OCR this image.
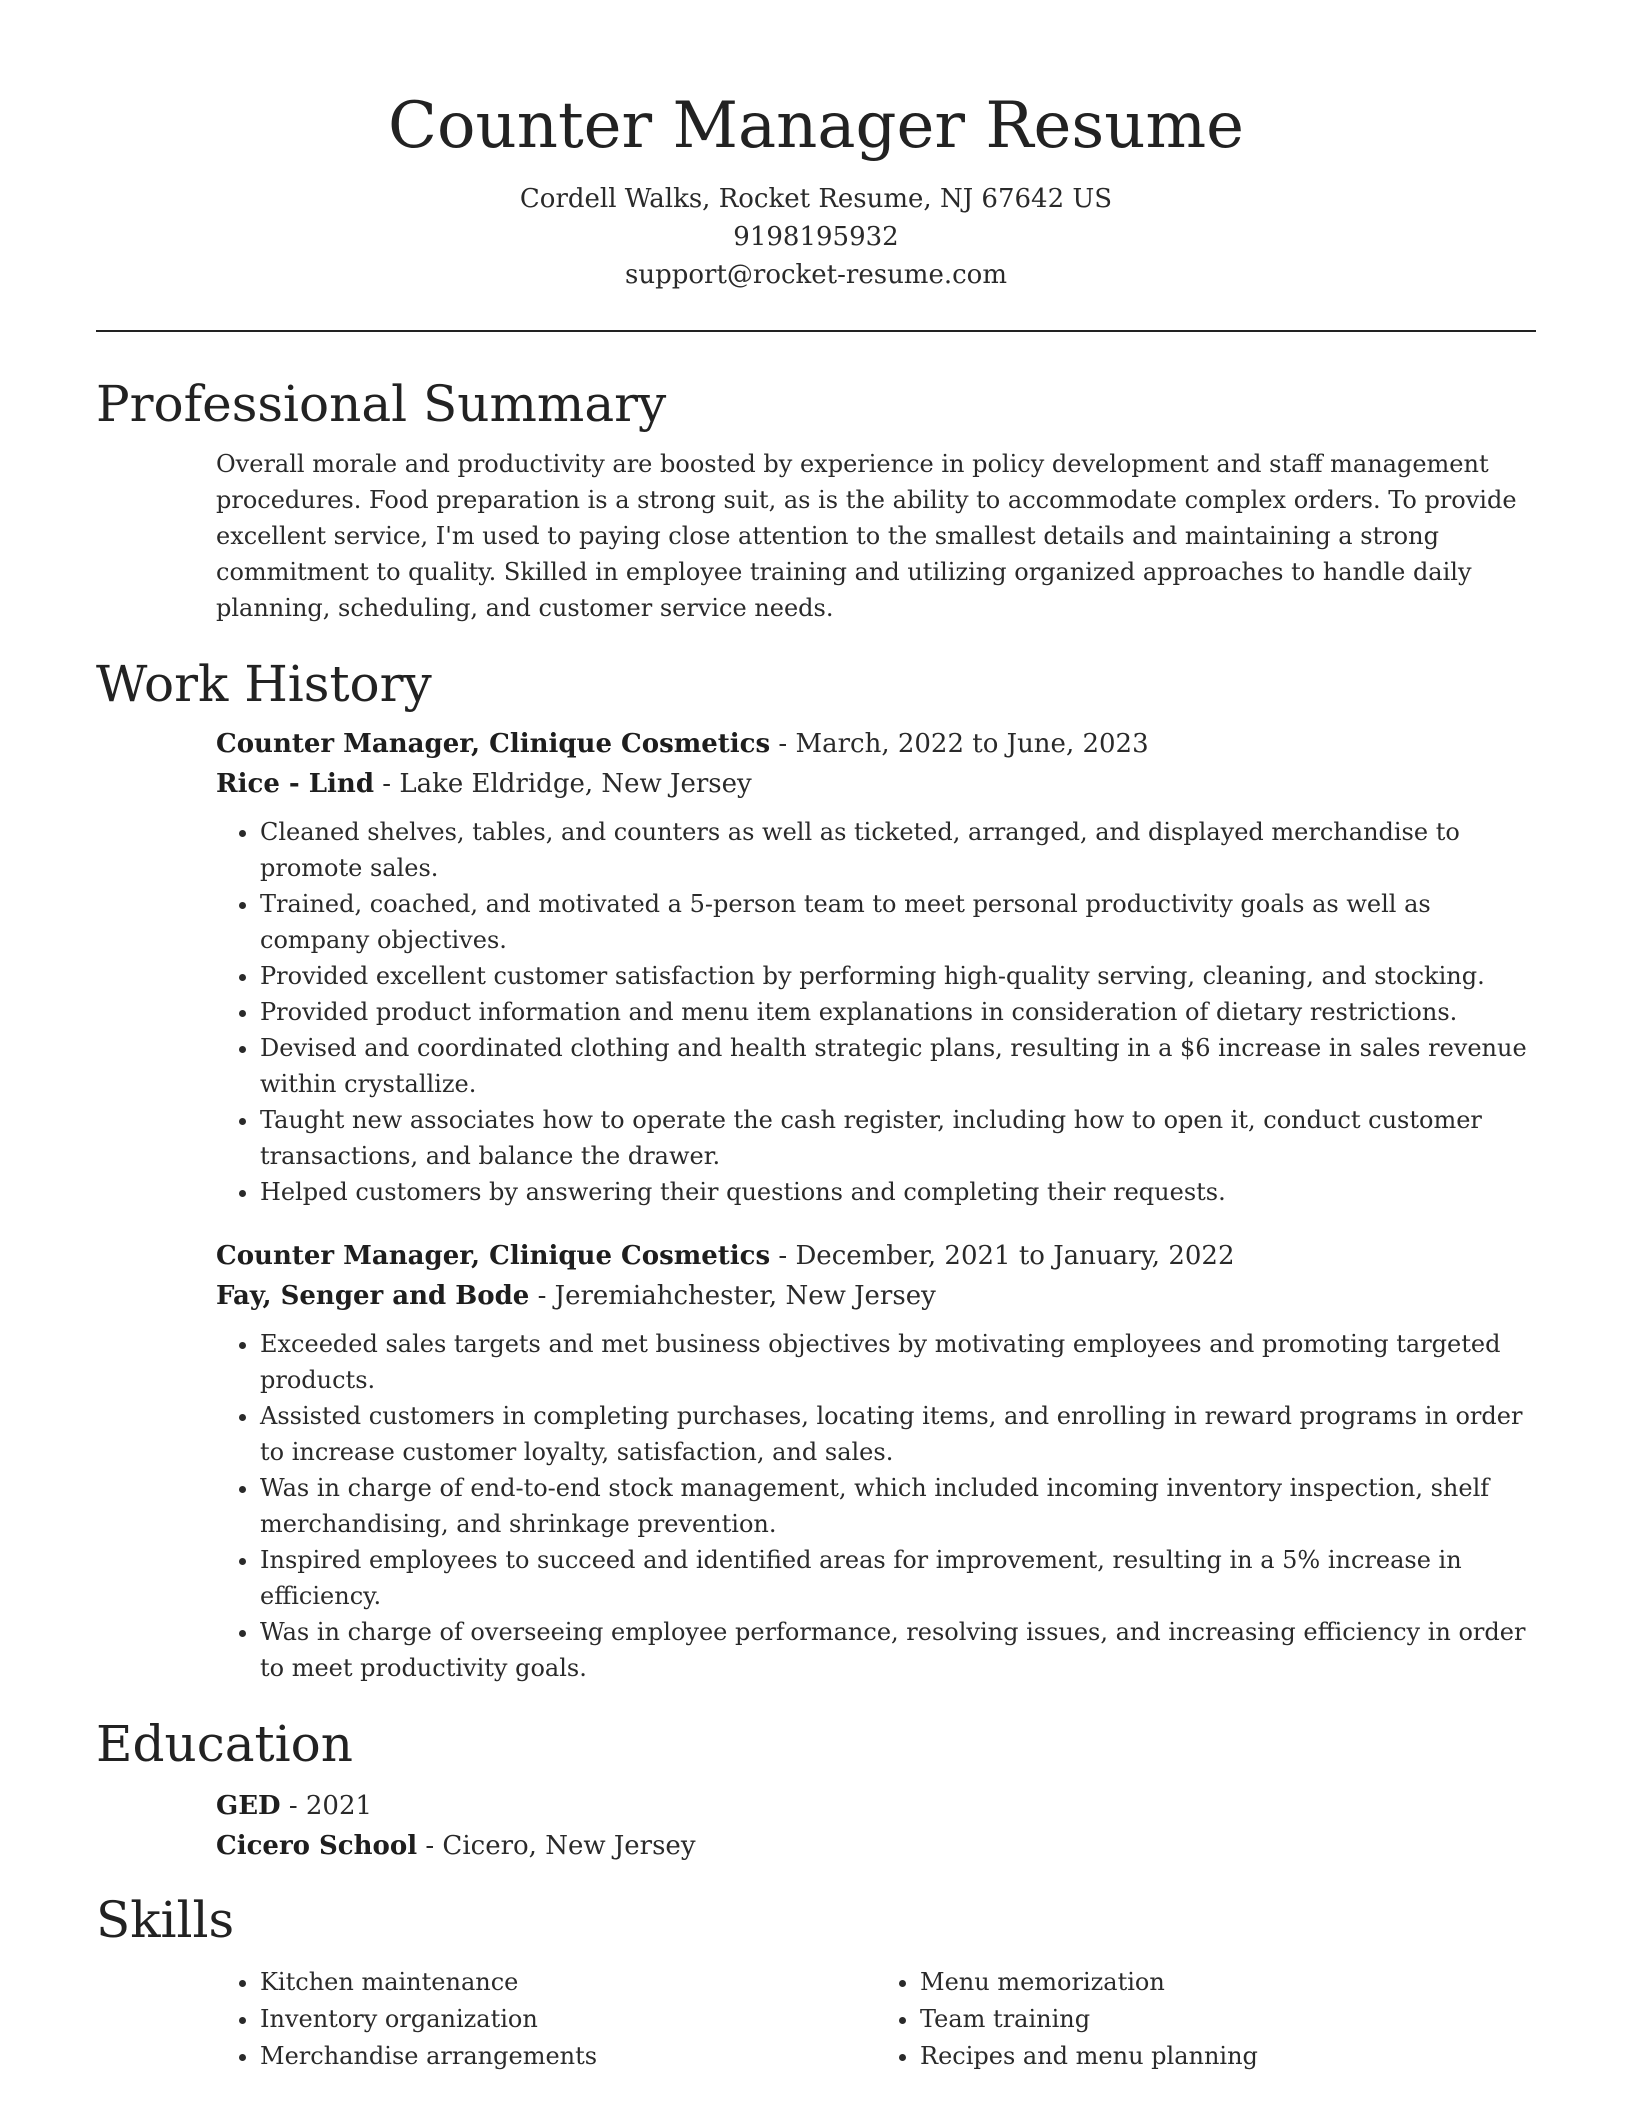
Counter Manager Resume
Cordell Walks, Rocket Resume, NJ 67642 US
9198195932
support@rocket-resume.com
Professional Summary
Overall morale and productivity are boosted by experience in policy development and staff management procedures. Food preparation is a strong suit, as is the ability to accommodate complex orders. To provide excellent service, I'm used to paying close attention to the smallest details and maintaining a strong commitment to quality. Skilled in employee training and utilizing organized approaches to handle daily planning, scheduling, and customer service needs.
Work History
Counter Manager, Clinique Cosmetics - March, 2022 to June, 2023
Rice - Lind - Lake Eldridge, New Jersey
• Cleaned shelves, tables, and counters as well as ticketed, arranged, and displayed merchandise to promote sales.
• Trained, coached, and motivated a 5-person team to meet personal productivity goals as well as company objectives.
• Provided excellent customer satisfaction by performing high-quality serving, cleaning, and stocking.
• Provided product information and menu item explanations in consideration of dietary restrictions.
• Devised and coordinated clothing and health strategic plans, resulting in a $6 increase in sales revenue within crystallize.
• Taught new associates how to operate the cash register, including how to open it, conduct customer transactions, and balance the drawer.
• Helped customers by answering their questions and completing their requests.
Counter Manager, Clinique Cosmetics - December, 2021 to January, 2022
Fay, Senger and Bode - Jeremiahchester, New Jersey
• Exceeded sales targets and met business objectives by motivating employees and promoting targeted products.
• Assisted customers in completing purchases, locating items, and enrolling in reward programs in order to increase customer loyalty, satisfaction, and sales.
• Was in charge of end-to-end stock management, which included incoming inventory inspection, shelf merchandising, and shrinkage prevention.
• Inspired employees to succeed and identified areas for improvement, resulting in a 5% increase in efficiency.
• Was in charge of overseeing employee performance, resolving issues, and increasing efficiency in order to meet productivity goals.
Education
GED - 2021
Cicero School - Cicero, New Jersey
Skills
• Kitchen maintenance
• Inventory organization
• Merchandise arrangements
• Menu memorization
• Team training
• Recipes and menu planning
